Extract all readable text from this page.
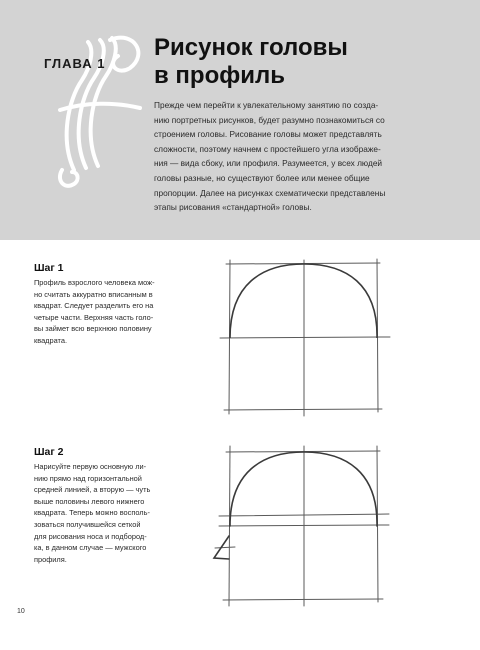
ГЛАВА 1
Рисунок головы
в профиль
Прежде чем перейти к увлекательному занятию по созда-
нию портретных рисунков, будет разумно познакомиться со
строением головы. Рисование головы может представлять
сложности, поэтому начнем с простейшего угла изображе-
ния — вида сбоку, или профиля. Разумеется, у всех людей
головы разные, но существуют более или менее общие
пропорции. Далее на рисунках схематически представлены
этапы рисования «стандартной» головы.
Шаг 1
Профиль взрослого человека мож-
но считать аккуратно вписанным в
квадрат. Следует разделить его на
четыре части. Верхняя часть голо-
вы займет всю верхнюю половину
квадрата.
Шаг 2
Нарисуйте первую основную ли-
нию прямо над горизонтальной
средней линией, а вторую — чуть
выше половины левого нижнего
квадрата. Теперь можно восполь-
зоваться получившейся сеткой
для рисования носа и подбород-
ка, в данном случае — мужского
профиля.
10
